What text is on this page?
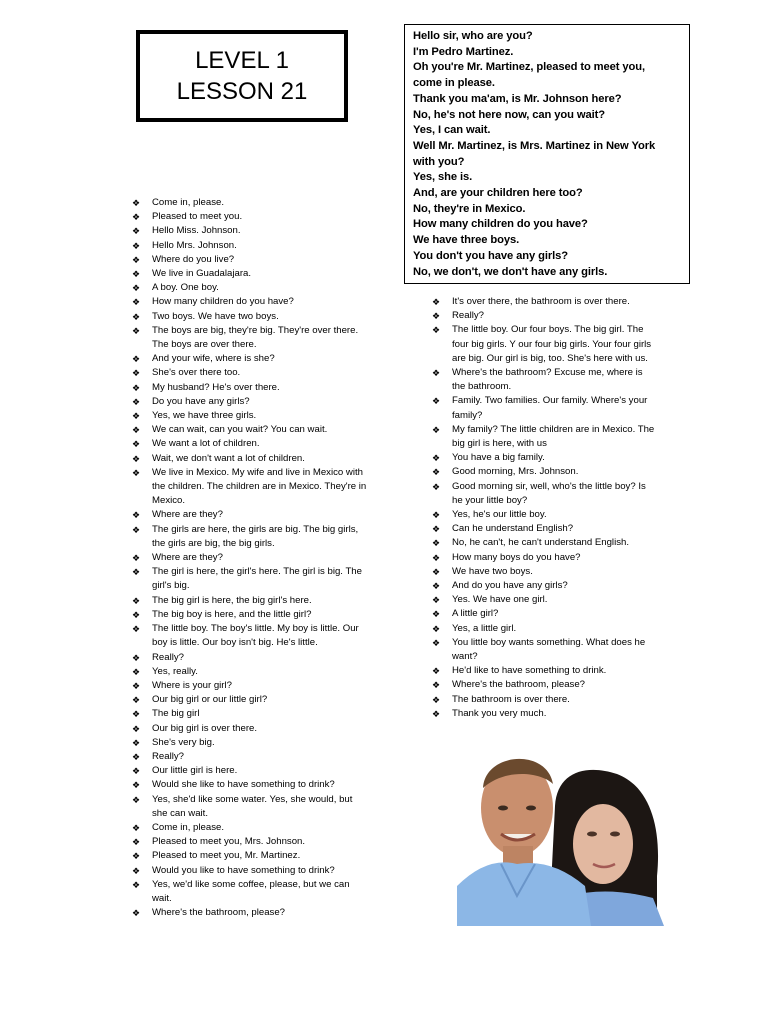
LEVEL 1
LESSON 21
Hello sir, who are you?
I'm Pedro Martinez.
Oh you're Mr. Martinez, pleased to meet you,
come in please.
Thank you ma'am, is Mr. Johnson here?
No, he's not here now, can you wait?
Yes, I can wait.
Well Mr. Martinez, is Mrs. Martinez in New York
with you?
Yes, she is.
And, are your children here too?
No, they're in Mexico.
How many children do you have?
We have three boys.
You don't you have any girls?
No, we don't, we don't have any girls.
❖ Come in, please.
❖ Pleased to meet you.
❖ Hello Miss. Johnson.
❖ Hello Mrs. Johnson.
❖ Where do you live?
❖ We live in Guadalajara.
❖ A boy. One boy.
❖ How many children do you have?
❖ Two boys. We have two boys.
❖ The boys are big, they're big. They're over there. The boys are over there.
❖ And your wife, where is she?
❖ She's over there too.
❖ My husband? He's over there.
❖ Do you have any girls?
❖ Yes, we have three girls.
❖ We can wait, can you wait? You can wait.
❖ We want a lot of children.
❖ Wait, we don't want a lot of children.
❖ We live in Mexico. My wife and live in Mexico with the children. The children are in Mexico. They're in Mexico.
❖ Where are they?
❖ The girls are here, the girls are big. The big girls, the girls are big, the big girls.
❖ Where are they?
❖ The girl is here, the girl's here. The girl is big. The girl's big.
❖ The big girl is here, the big girl's here.
❖ The big boy is here, and the little girl?
❖ The little boy. The boy's little. My boy is little. Our boy is little. Our boy isn't big. He's little.
❖ Really?
❖ Yes, really.
❖ Where is your girl?
❖ Our big girl or our little girl?
❖ The big girl
❖ Our big girl is over there.
❖ She's very big.
❖ Really?
❖ Our little girl is here.
❖ Would she like to have something to drink?
❖ Yes, she'd like some water. Yes, she would, but she can wait.
❖ Come in, please.
❖ Pleased to meet you, Mrs. Johnson.
❖ Pleased to meet you, Mr. Martinez.
❖ Would you like to have something to drink?
❖ Yes, we'd like some coffee, please, but we can wait.
❖ Where's the bathroom, please?
❖ It's over there, the bathroom is over there.
❖ Really?
❖ The little boy. Our four boys. The big girl. The four big girls. Y our four big girls. Your four girls are big. Our girl is big, too. She's here with us.
❖ Where's the bathroom? Excuse me, where is the bathroom.
❖ Family. Two families. Our family. Where's your family?
❖ My family? The little children are in Mexico. The big girl is here, with us
❖ You have a big family.
❖ Good morning, Mrs. Johnson.
❖ Good morning sir, well, who's the little boy? Is he your little boy?
❖ Yes, he's our little boy.
❖ Can he understand English?
❖ No, he can't, he can't understand English.
❖ How many boys do you have?
❖ We have two boys.
❖ And do you have any girls?
❖ Yes. We have one girl.
❖ A little girl?
❖ Yes, a little girl.
❖ You little boy wants something. What does he want?
❖ He'd like to have something to drink.
❖ Where's the bathroom, please?
❖ The bathroom is over there.
❖ Thank you very much.
